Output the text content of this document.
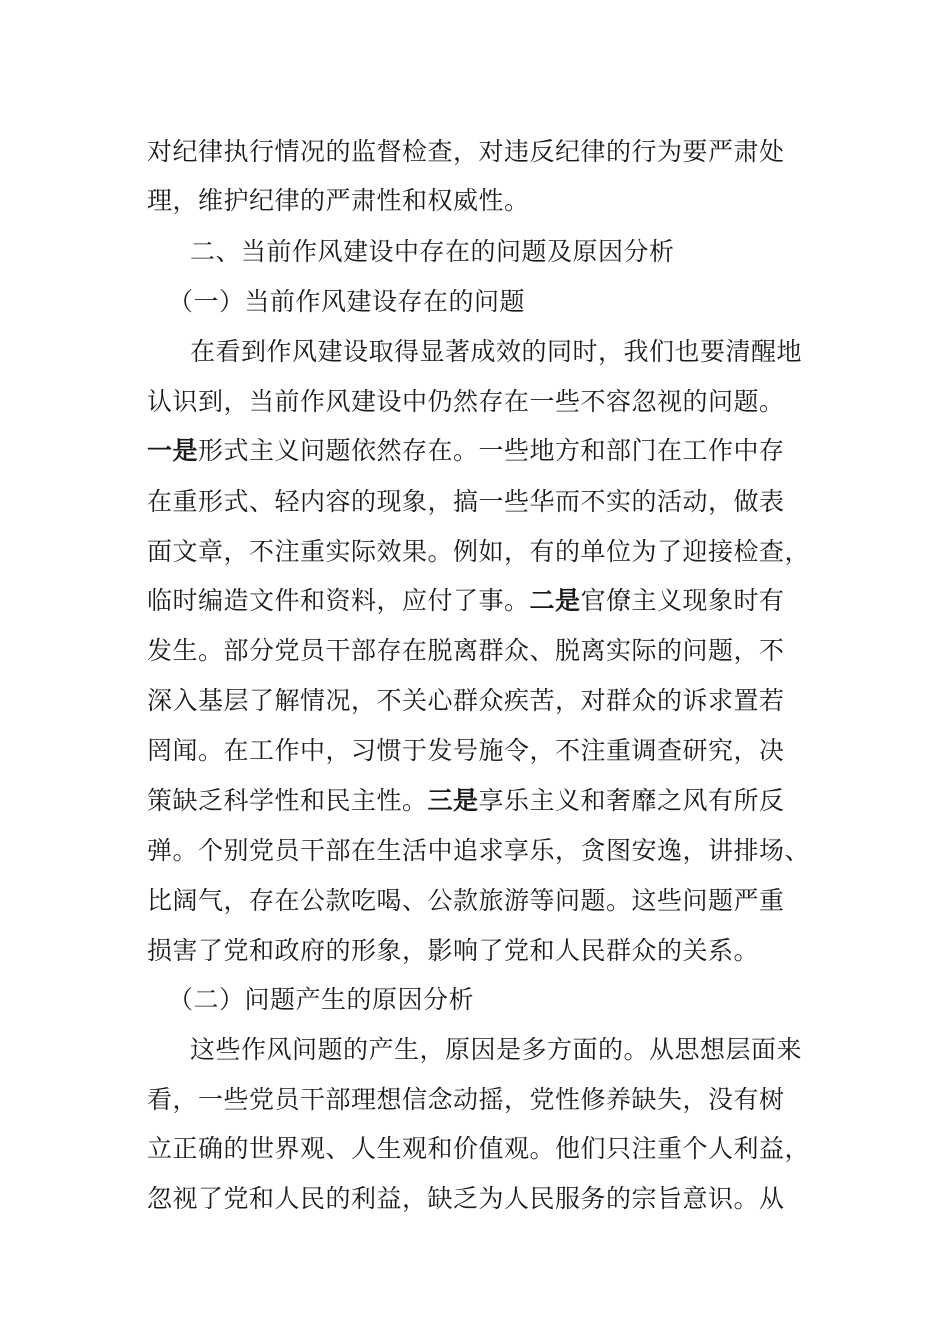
对纪律执行情况的监督检查，对违反纪律的行为要严肃处
理，维护纪律的严肃性和权威性。
二、当前作风建设中存在的问题及原因分析
（一）当前作风建设存在的问题
在看到作风建设取得显著成效的同时，我们也要清醒地
认识到，当前作风建设中仍然存在一些不容忽视的问题。
一是形式主义问题依然存在。一些地方和部门在工作中存
在重形式、轻内容的现象，搞一些华而不实的活动，做表
面文章，不注重实际效果。例如，有的单位为了迎接检查，
临时编造文件和资料，应付了事。二是官僚主义现象时有
发生。部分党员干部存在脱离群众、脱离实际的问题，不
深入基层了解情况，不关心群众疾苦，对群众的诉求置若
罔闻。在工作中，习惯于发号施令，不注重调查研究，决
策缺乏科学性和民主性。三是享乐主义和奢靡之风有所反
弹。个别党员干部在生活中追求享乐，贪图安逸，讲排场、
比阔气，存在公款吃喝、公款旅游等问题。这些问题严重
损害了党和政府的形象，影响了党和人民群众的关系。
（二）问题产生的原因分析
这些作风问题的产生，原因是多方面的。从思想层面来
看，一些党员干部理想信念动摇，党性修养缺失，没有树
立正确的世界观、人生观和价值观。他们只注重个人利益，
忽视了党和人民的利益，缺乏为人民服务的宗旨意识。从
